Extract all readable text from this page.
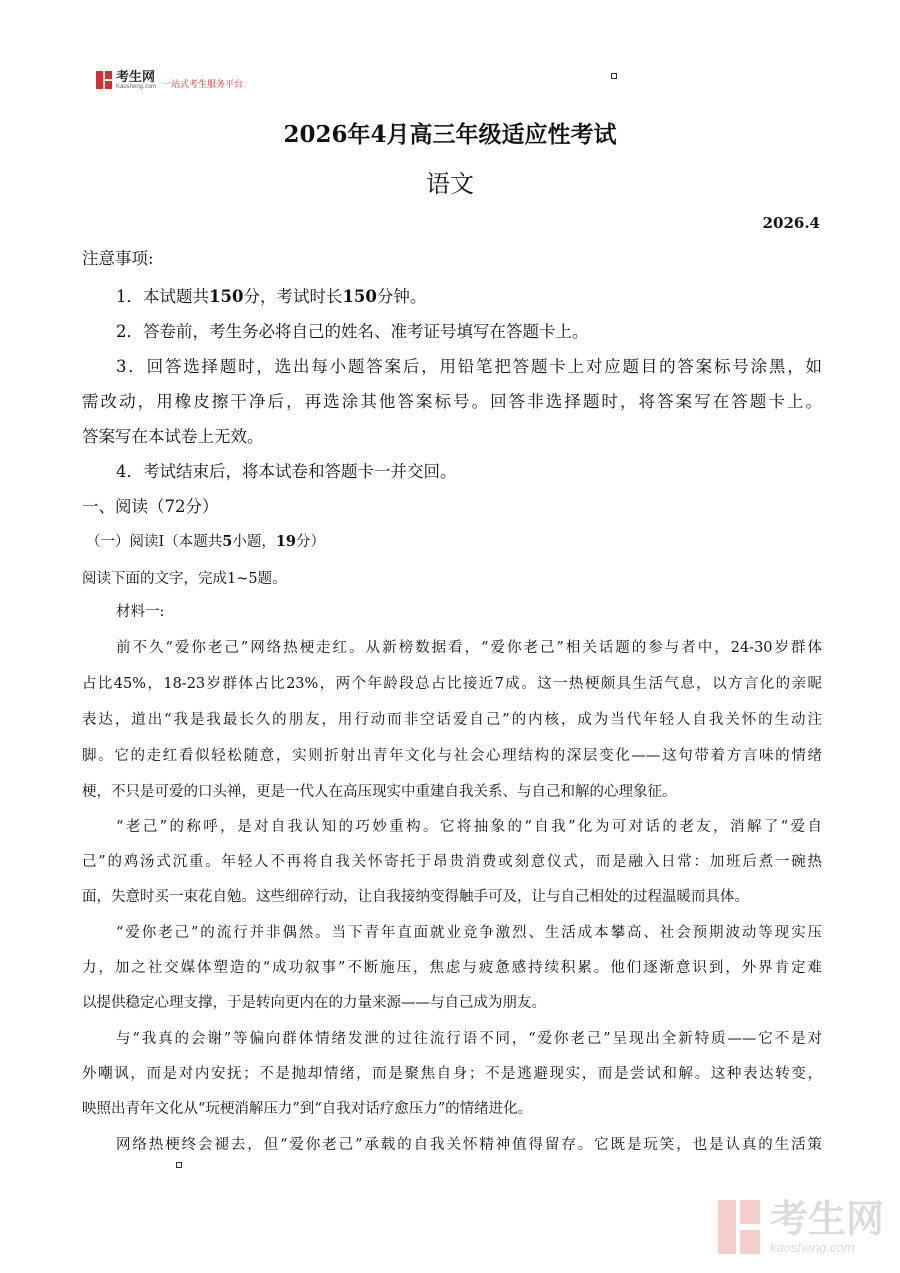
考生网
Kaosheng.com 一站式考生服务平台
2026年4月高三年级适应性考试
语文
2026.4
注意事项:
1．本试题共150分，考试时长150分钟。
2．答卷前，考生务必将自己的姓名、准考证号填写在答题卡上。
3．回答选择题时，选出每小题答案后，用铅笔把答题卡上对应题目的答案标号涂黑，如
需改动，用橡皮擦干净后，再选涂其他答案标号。回答非选择题时，将答案写在答题卡上。
答案写在本试卷上无效。
4．考试结束后，将本试卷和答题卡一并交回。
一、阅读（72分）
（一）阅读Ⅰ（本题共5小题，19分）
阅读下面的文字，完成1~5题。
材料一:
前不久“爱你老己”网络热梗走红。从新榜数据看，“爱你老己”相关话题的参与者中，24-30岁群体
占比45%，18-23岁群体占比23%，两个年龄段总占比接近7成。这一热梗颇具生活气息，以方言化的亲昵
表达，道出“我是我最长久的朋友，用行动而非空话爱自己”的内核，成为当代年轻人自我关怀的生动注
脚。它的走红看似轻松随意，实则折射出青年文化与社会心理结构的深层变化——这句带着方言味的情绪
梗，不只是可爱的口头禅，更是一代人在高压现实中重建自我关系、与自己和解的心理象征。
“老己”的称呼，是对自我认知的巧妙重构。它将抽象的“自我”化为可对话的老友，消解了“爱自
己”的鸡汤式沉重。年轻人不再将自我关怀寄托于昂贵消费或刻意仪式，而是融入日常：加班后煮一碗热
面，失意时买一束花自勉。这些细碎行动，让自我接纳变得触手可及，让与自己相处的过程温暖而具体。
“爱你老己”的流行并非偶然。当下青年直面就业竞争激烈、生活成本攀高、社会预期波动等现实压
力，加之社交媒体塑造的“成功叙事”不断施压，焦虑与疲惫感持续积累。他们逐渐意识到，外界肯定难
以提供稳定心理支撑，于是转向更内在的力量来源——与自己成为朋友。
与“我真的会谢”等偏向群体情绪发泄的过往流行语不同，“爱你老己”呈现出全新特质——它不是对
外嘲讽，而是对内安抚；不是抛却情绪，而是聚焦自身；不是逃避现实，而是尝试和解。这种表达转变，
映照出青年文化从“玩梗消解压力”到“自我对话疗愈压力”的情绪进化。
网络热梗终会褪去，但“爱你老己”承载的自我关怀精神值得留存。它既是玩笑，也是认真的生活策
考生网
kaosheng.com
